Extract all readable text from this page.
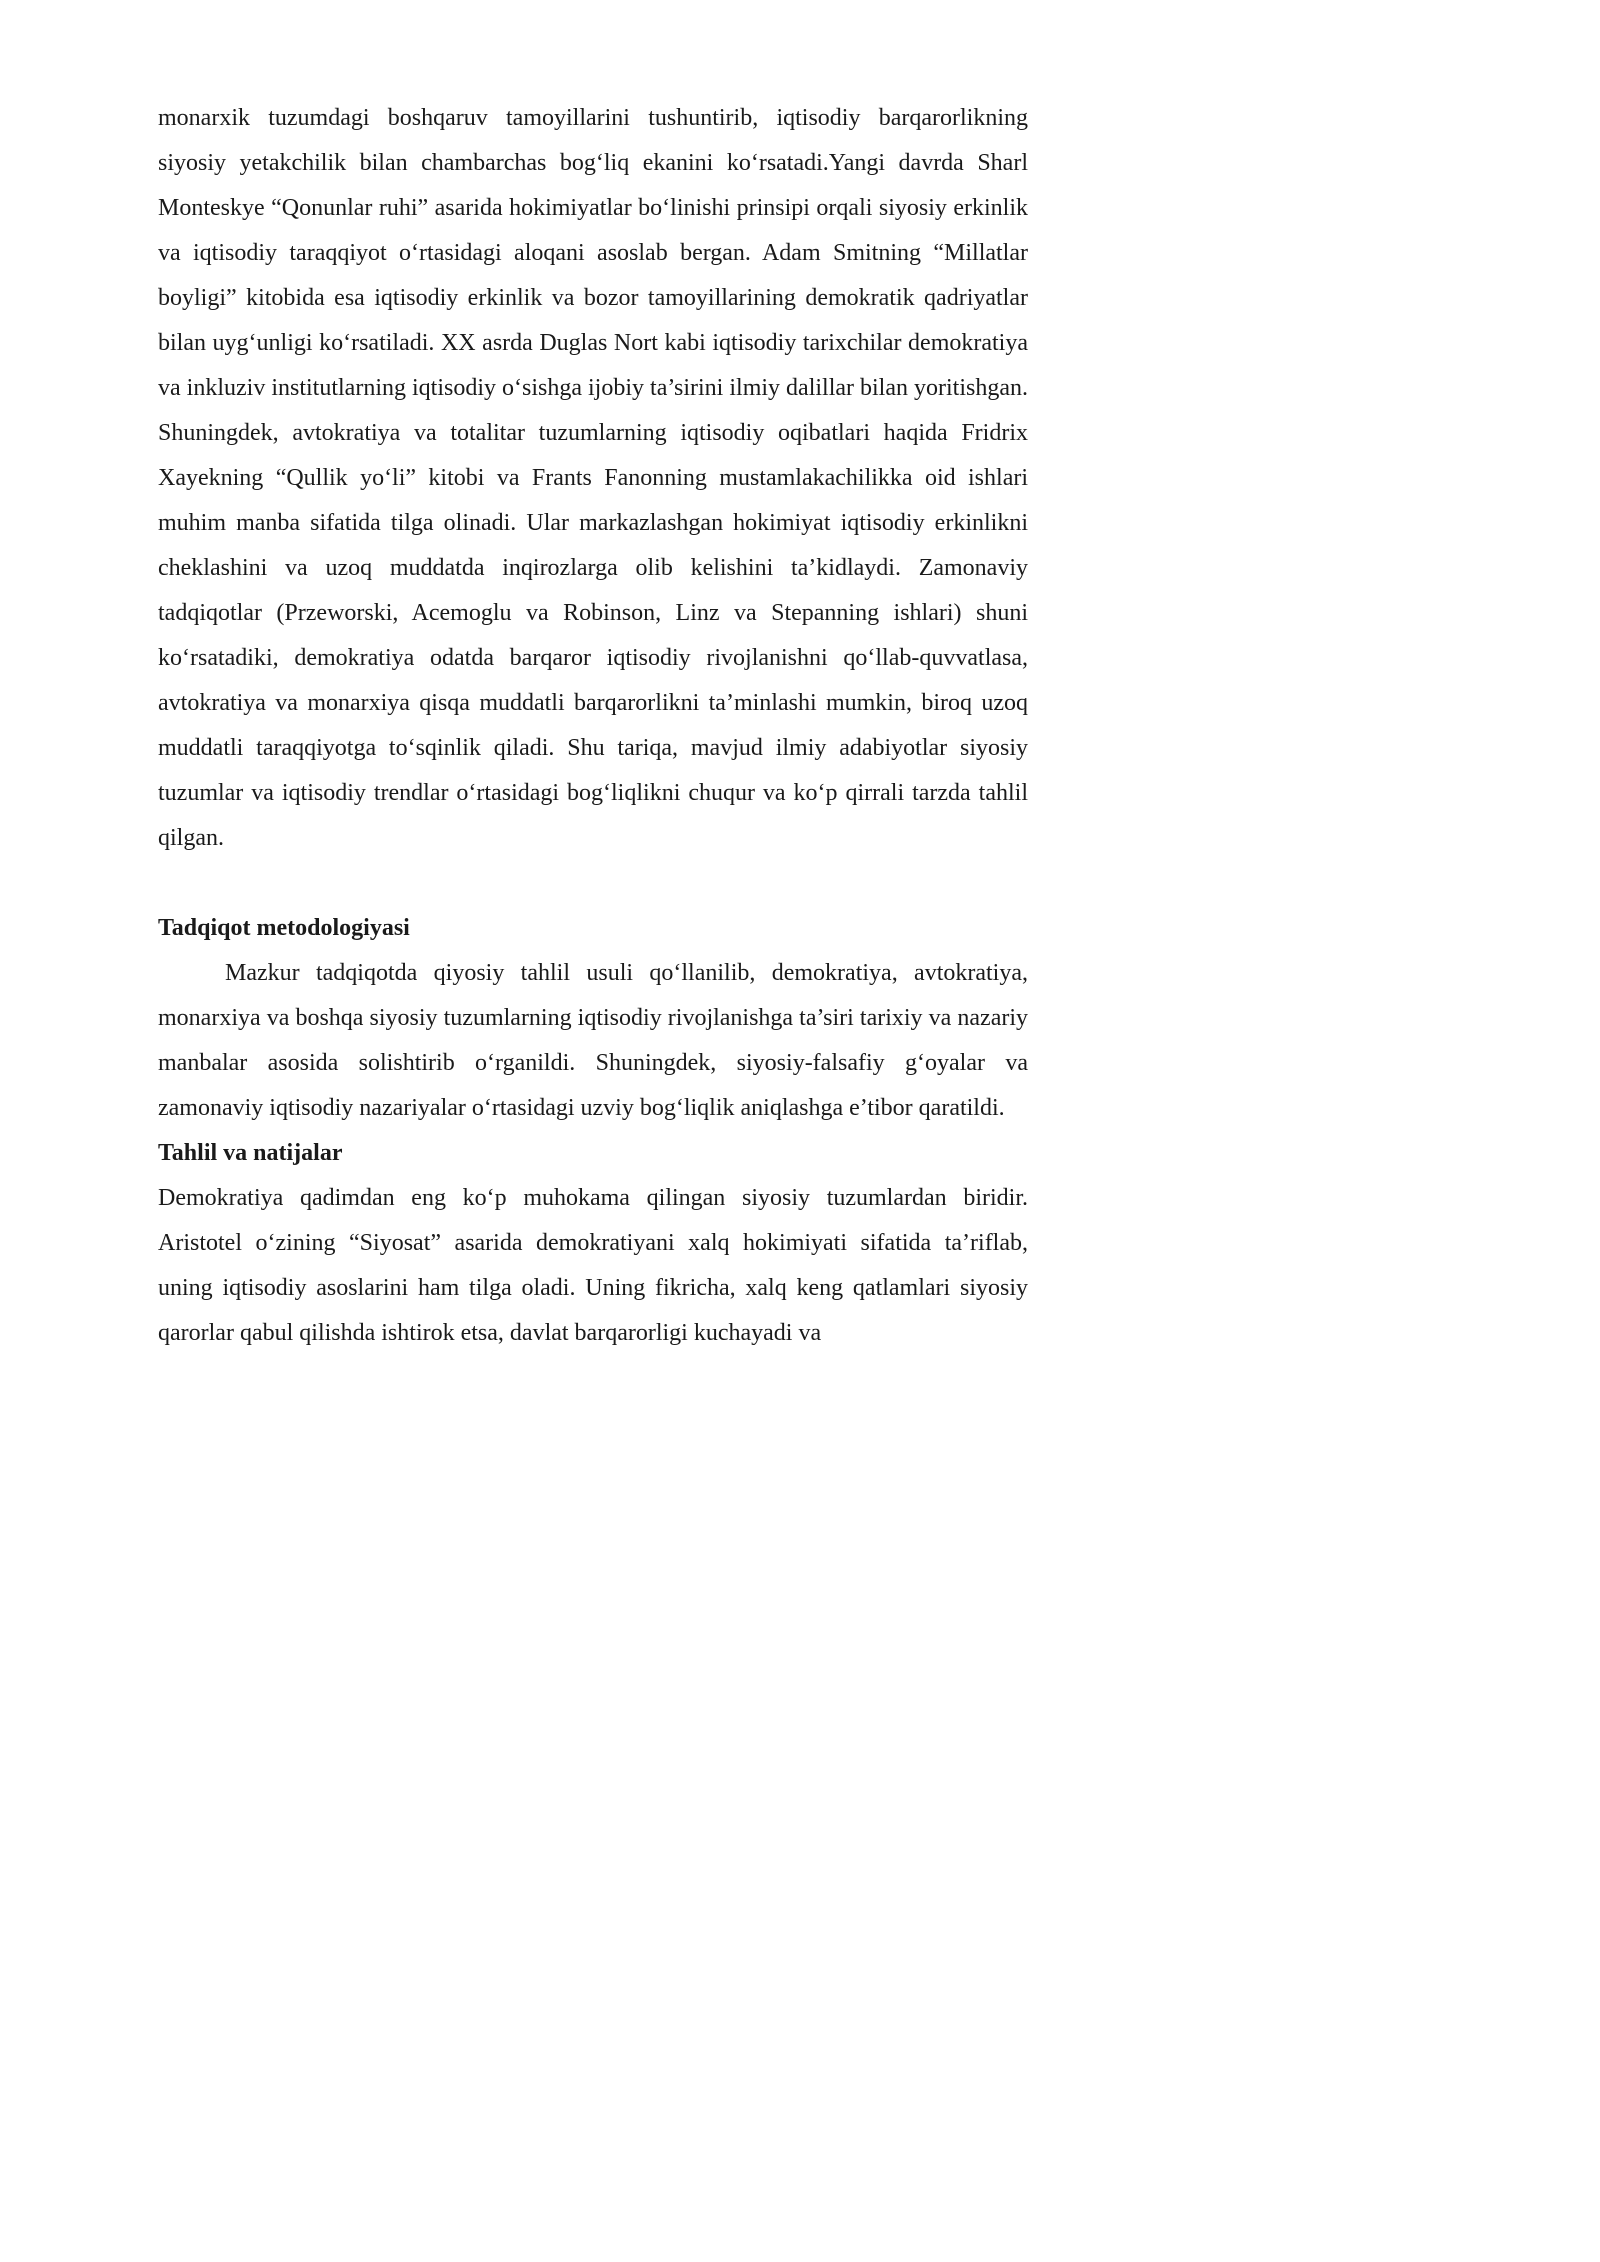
monarxik tuzumdagi boshqaruv tamoyillarini tushuntirib, iqtisodiy barqarorlikning siyosiy yetakchilik bilan chambarchas bog‘liq ekanini ko‘rsatadi.Yangi davrda Sharl Monteskye “Qonunlar ruhi” asarida hokimiyatlar bo‘linishi prinsipi orqali siyosiy erkinlik va iqtisodiy taraqqiyot o‘rtasidagi aloqani asoslab bergan. Adam Smitning “Millatlar boyligi” kitobida esa iqtisodiy erkinlik va bozor tamoyillarining demokratik qadriyatlar bilan uyg‘unligi ko‘rsatiladi. XX asrda Duglas Nort kabi iqtisodiy tarixchilar demokratiya va inkluziv institutlarning iqtisodiy o‘sishga ijobiy ta’sirini ilmiy dalillar bilan yoritishgan. Shuningdek, avtokratiya va totalitar tuzumlarning iqtisodiy oqibatlari haqida Fridrix Xayekning “Qullik yo‘li” kitobi va Frants Fanonning mustamlakachilikka oid ishlari muhim manba sifatida tilga olinadi. Ular markazlashgan hokimiyat iqtisodiy erkinlikni cheklashini va uzoq muddatda inqirozlarga olib kelishini ta’kidlaydi. Zamonaviy tadqiqotlar (Przeworski, Acemoglu va Robinson, Linz va Stepanning ishlari) shuni ko‘rsatadiki, demokratiya odatda barqaror iqtisodiy rivojlanishni qo‘llab-quvvatlasa, avtokratiya va monarxiya qisqa muddatli barqarorlikni ta’minlashi mumkin, biroq uzoq muddatli taraqqiyotga to‘sqinlik qiladi. Shu tariqa, mavjud ilmiy adabiyotlar siyosiy tuzumlar va iqtisodiy trendlar o‘rtasidagi bog‘liqlikni chuqur va ko‘p qirrali tarzda tahlil qilgan.

Tadqiqot metodologiyasi

Mazkur tadqiqotda qiyosiy tahlil usuli qo‘llanilib, demokratiya, avtokratiya, monarxiya va boshqa siyosiy tuzumlarning iqtisodiy rivojlanishga ta’siri tarixiy va nazariy manbalar asosida solishtirib o‘rganildi. Shuningdek, siyosiy-falsafiy g‘oyalar va zamonaviy iqtisodiy nazariyalar o‘rtasidagi uzviy bog‘liqlik aniqlashga e’tibor qaratildi.

Tahlil va natijalar

Demokratiya qadimdan eng ko‘p muhokama qilingan siyosiy tuzumlardan biridir. Aristotel o‘zining “Siyosat” asarida demokratiyani xalq hokimiyati sifatida ta’riflab, uning iqtisodiy asoslarini ham tilga oladi. Uning fikricha, xalq keng qatlamlari siyosiy qarorlar qabul qilishda ishtirok etsa, davlat barqarorligi kuchayadi va
